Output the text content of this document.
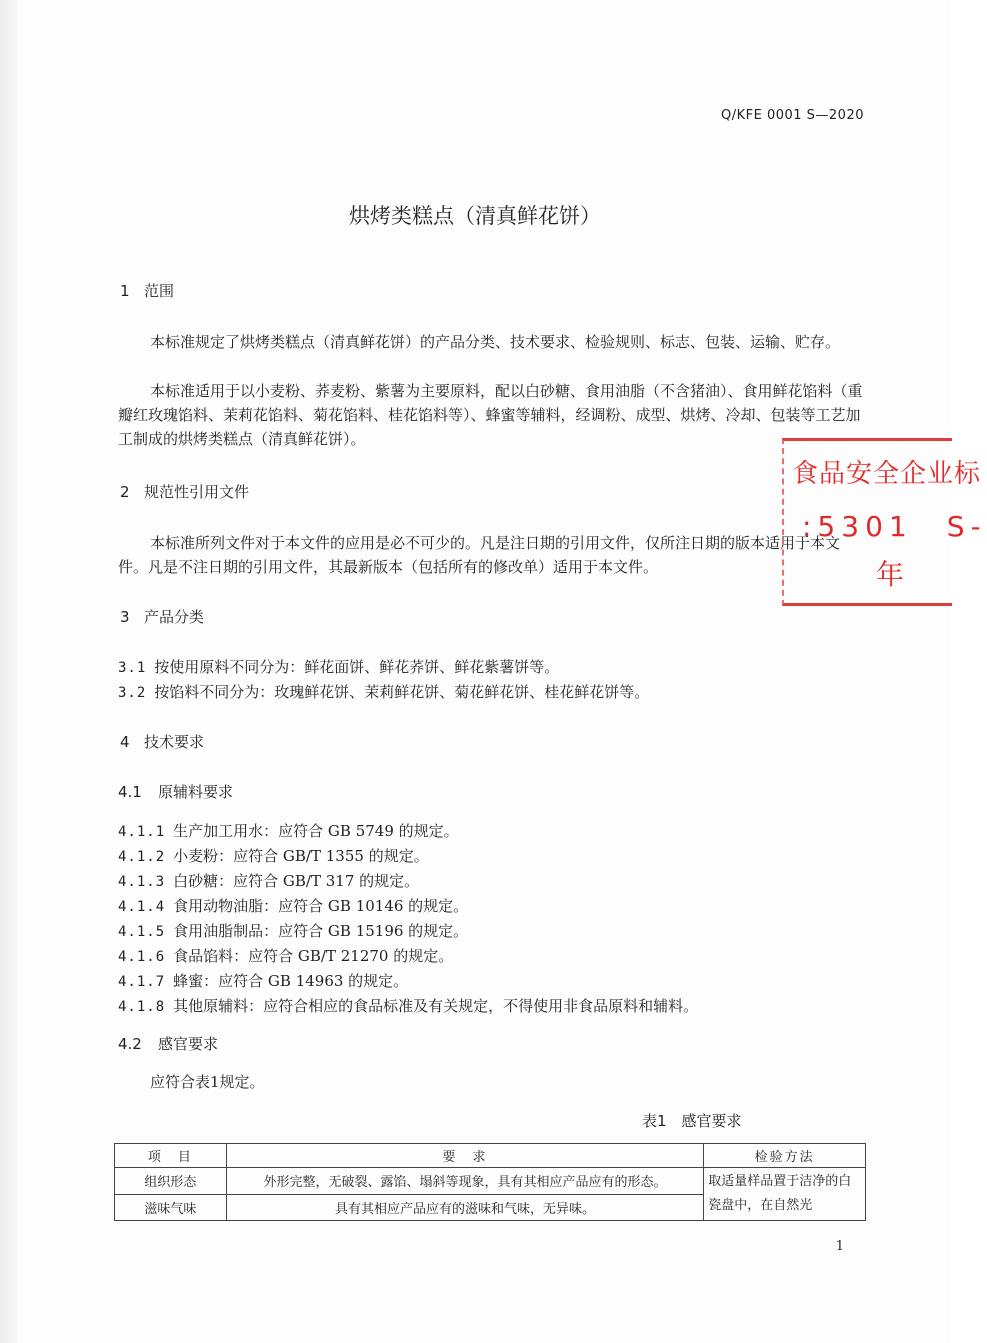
Q/KFE 0001 S—2020
烘烤类糕点（清真鲜花饼）
1 范围
本标准规定了烘烤类糕点（清真鲜花饼）的产品分类、技术要求、检验规则、标志、包装、运输、贮存。
本标准适用于以小麦粉、荞麦粉、紫薯为主要原料，配以白砂糖、食用油脂（不含猪油）、食用鲜花馅料（重瓣红玫瑰馅料、茉莉花馅料、菊花馅料、桂花馅料等）、蜂蜜等辅料，经调粉、成型、烘烤、冷却、包装等工艺加工制成的烘烤类糕点（清真鲜花饼）。
2 规范性引用文件
本标准所列文件对于本文件的应用是必不可少的。凡是注日期的引用文件，仅所注日期的版本适用于本文件。凡是不注日期的引用文件，其最新版本（包括所有的修改单）适用于本文件。
3 产品分类
3.1 按使用原料不同分为：鲜花面饼、鲜花荞饼、鲜花紫薯饼等。
3.2 按馅料不同分为：玫瑰鲜花饼、茉莉鲜花饼、菊花鲜花饼、桂花鲜花饼等。
4 技术要求
4.1 原辅料要求
4.1.1 生产加工用水：应符合 GB 5749 的规定。
4.1.2 小麦粉：应符合 GB/T 1355 的规定。
4.1.3 白砂糖：应符合 GB/T 317 的规定。
4.1.4 食用动物油脂：应符合 GB 10146 的规定。
4.1.5 食用油脂制品：应符合 GB 15196 的规定。
4.1.6 食品馅料：应符合 GB/T 21270 的规定。
4.1.7 蜂蜜：应符合 GB 14963 的规定。
4.1.8 其他原辅料：应符合相应的食品标准及有关规定，不得使用非食品原料和辅料。
4.2 感官要求
应符合表1规定。
表1　感官要求
项　目	要　求	检验方法
组织形态	外形完整，无破裂、露馅、塌斜等现象，具有其相应产品应有的形态。	取适量样品置于洁净的白瓷盘中，在自然光
滋味气味	具有其相应产品应有的滋味和气味，无异味。	
1
食品安全企业标
:5301　S-
年
